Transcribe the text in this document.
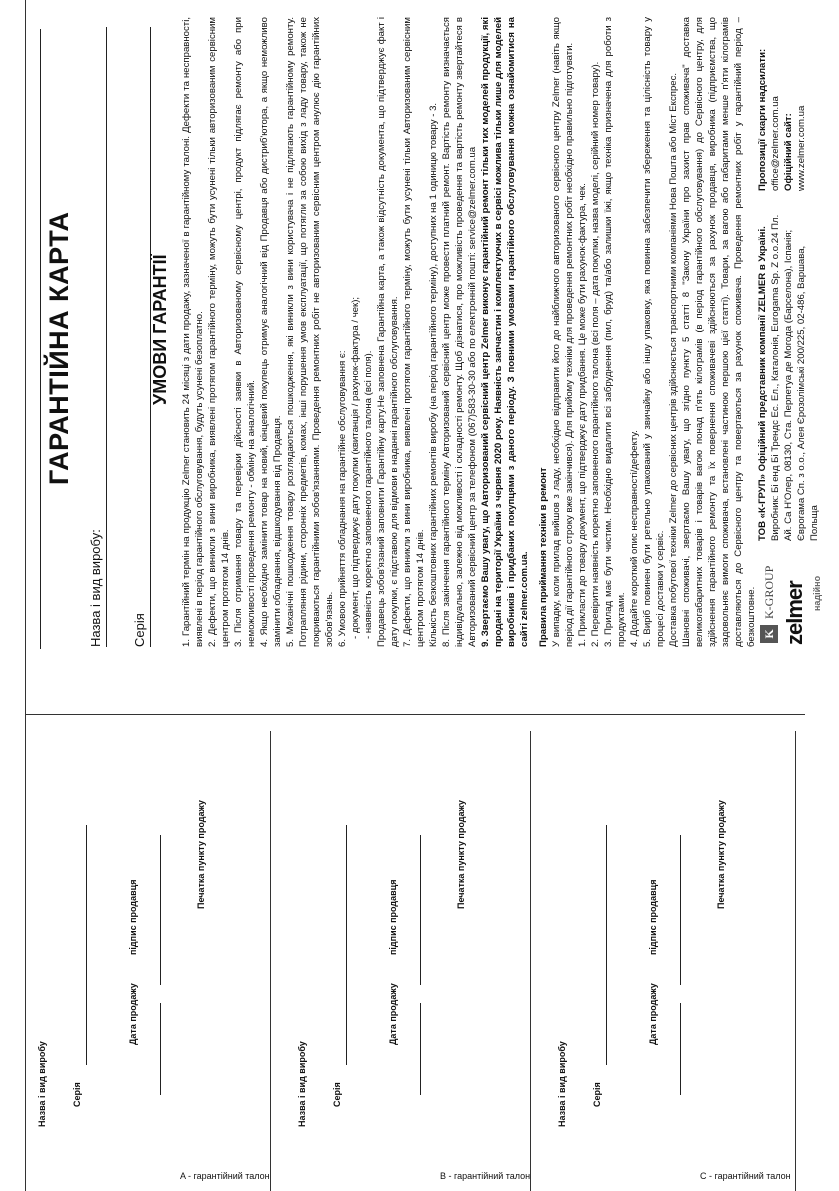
Назва і вид виробу	Серія
Дата продажу
підпис продавця
Печатка пункту продажу
Назва і вид виробу	Серія
Дата продажу
підпис продавця
Печатка пункту продажу
Назва і вид виробу	Серія
Дата продажу
підпис продавця
Печатка пункту продажу
A - гарантійний талон	B - гарантійний талон	C - гарантійний талон
Назва і вид виробу: Серія
ГАРАНТІЙНА КАРТА	УМОВИ ГАРАНТІЇ 1. Гарантійний термін на продукцію Zelmer становить 24 місяці з дати продажу, зазначеної в гарантійному талоні. Дефекти та несправності, виявлені в період гарантійного обслуговування, будуть усунені безоплатно. 2. Дефекти, що виникли з вини виробника, виявлені протягом гарантійного терміну, можуть бути усунені тільки авторизованим сервісним центром протягом 14 днів. 3. Після отримання товару та перевірки дійсності заявки в Авторизованому сервісному центрі, продукт підлягає ремонту або при неможливості проведення ремонту - обміну на аналогічний. 4. Якщо необхідно замінити товар на новий, кінцевий покупець отримує аналогічний від Продавця або дистриб'ютора, а якщо неможливо замінити обладнання, відшкодування від Продавця. 5. Механічні пошкодження товару розглядаються пошкодження, які виникли з вини користувача і не підлягають гарантійному ремонту. Потрапляння рідини, сторонніх предметів, комах, інші порушення умов експлуатації, що потягли за собою вихід з ладу товару, також не покриваються гарантійними зобов'язаннями. Проведення ремонтних робіт не авторизованим сервісним центром анулює дію гарантійних зобов'язань. 6. Умовою прийняття обладнання на гарантійне обслуговування є: - документ, що підтверджує дату покупки (квитанція / рахунок-фактура / чек); - наявність коректно заповненого гарантійного талона (всі поля). Продавець зобов'язаний заповнити Гарантійну карту.Не заповнена Гарантійна карта, а також відсутність документа, що підтверджує факт і дату покупки, є підставою для відмови в наданні гарантійного обслуговування. 7. Дефекти, що виникли з вини виробника, виявлені протягом гарантійного терміну, можуть бути усунені тільки Авторизованим сервісним центром протягом 14 днів. Кількість безкоштовних гарантійних ремонтів виробу (на період гарантійного терміну), доступних на 1 одиницю товару - 3. 8. Після закінчення гарантійного терміну Авторизований сервісний центр може провести платний ремонт. Вартість ремонту визначається індивідуально, залежно від можливості і складності ремонту. Щоб дізнатися, про можливість проведення та вартість ремонту звертайтеся в Авторизований сервісний центр за телефоном (067)583-30-30 або по електронній пошті: service@zelmer.com.ua 9. Звертаємо Вашу увагу, що Авторизований сервісний центр Zelmer виконує гарантійний ремонт тільки тих моделей продукції, які продані на території України з червня 2020 року. Наявність запчастин і комплектуючих в сервісі можлива тільки лише для моделей виробників і придбаних покупцями з даного періоду. З повними умовами гарантійного обслуговування можна ознайомитися на сайті zelmer.com.ua. Правила приймання техніки в ремонт У випадку, коли прилад вийшов з ладу, необхідно відправити його до найближчого авторизованого сервісного центру Zelmer (навіть якщо період дії гарантійного строку вже закінчився). Для прийому техніки для проведення ремонтних робіт необхідно правильно підготувати. 1. Прикласти до товару документ, що підтверджує дату придбання. Це може бути рахунок-фактура, чек. 2. Перевірити наявність коректно заповненого гарантійного талона (всі поля – дата покупки, назва моделі, серійний номер товару). 3. Прилад має бути чистим. Необхідно видалити всі забруднення (пил, бруд) та/або залишки їжі, якщо техніка призначена для роботи з продуктами. 4. Додайте короткий опис несправності/дефекту. 5. Виріб повинен бути ретельно упакований у звичайну або іншу упаковку, яка повинна забезпечити збереження та цілісність товару у процесі доставки у сервіс. Доставка побутової техніки Zelmer до сервісних центрів здійснюється транспортними компаніями Нова Пошта або Міст Експрес. Шановні споживачі, звертаємо Вашу увагу, що згідно пункту 5 статті 8 "Закону України про захист прав споживача" доставка великогабаритних товарів і товарів вагою понад п'ять кілограмів (в період гарантійного обслуговування) до Сервісного центру, для здійснення гарантійного ремонту та їх повернення споживачеві здійснюються за рахунок продавця, виробника (підприємства, що задовольняє вимоги споживача, встановлені частиною першою цієї статті). Товари, за вагою або габаритами менше п'яти кілограмів доставляються до Сервісного центру та повертаються за рахунок споживача. Проведення ремонтних робіт у гарантійний період – безкоштовне. K
K-GROUP zelmer надійно
ТОВ «К-ГРУП» Офіційний представник компанії ZELMER в Україні. Виробник: Бі енд Бі Трендс Ес. Ел., Каталонія, Eurogama Sp. Z o.o.24 Пл. Ай. Са Н'Олер, 08130, Ста. Перпетуа де Могода (Барселона), Іспанія; Єврогама Сп. з о.о., Алея Єрозолімські 200/225, 02-486, Варшава, Польща
Пропозиції скарги надсилати: office@zelmer.com.ua Офіційний сайт: www.zelmer.com.ua
